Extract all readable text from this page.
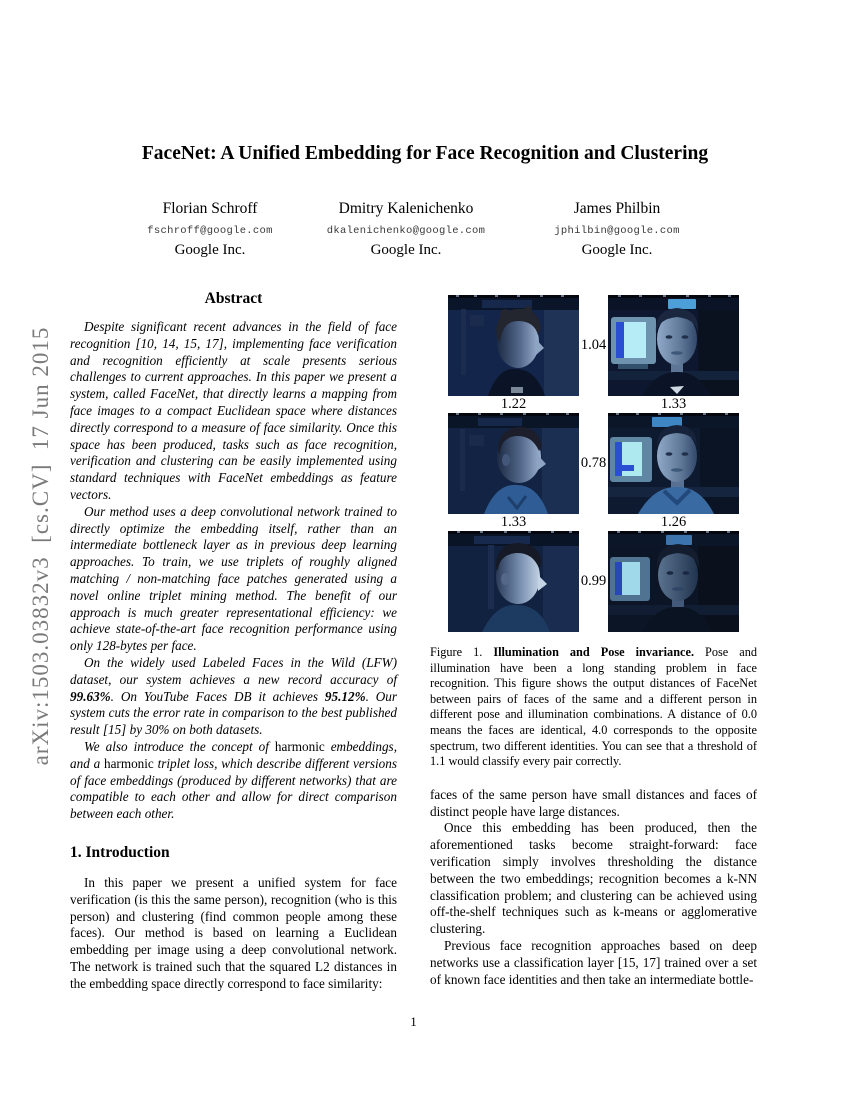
arXiv:1503.03832v3  [cs.CV]  17 Jun 2015
FaceNet: A Unified Embedding for Face Recognition and Clustering
Florian Schroff
fschroff@google.com
Google Inc.
Dmitry Kalenichenko
dkalenichenko@google.com
Google Inc.
James Philbin
jphilbin@google.com
Google Inc.
Abstract

Despite significant recent advances in the field of face recognition [10, 14, 15, 17], implementing face verification and recognition efficiently at scale presents serious challenges to current approaches. In this paper we present a system, called FaceNet, that directly learns a mapping from face images to a compact Euclidean space where distances directly correspond to a measure of face similarity. Once this space has been produced, tasks such as face recognition, verification and clustering can be easily implemented using standard techniques with FaceNet embeddings as feature vectors.

Our method uses a deep convolutional network trained to directly optimize the embedding itself, rather than an intermediate bottleneck layer as in previous deep learning approaches. To train, we use triplets of roughly aligned matching / non-matching face patches generated using a novel online triplet mining method. The benefit of our approach is much greater representational efficiency: we achieve state-of-the-art face recognition performance using only 128-bytes per face.

On the widely used Labeled Faces in the Wild (LFW) dataset, our system achieves a new record accuracy of 99.63%. On YouTube Faces DB it achieves 95.12%. Our system cuts the error rate in comparison to the best published result [15] by 30% on both datasets.

We also introduce the concept of harmonic embeddings, and a harmonic triplet loss, which describe different versions of face embeddings (produced by different networks) that are compatible to each other and allow for direct comparison between each other.

1. Introduction

In this paper we present a unified system for face verification (is this the same person), recognition (who is this person) and clustering (find common people among these faces). Our method is based on learning a Euclidean embedding per image using a deep convolutional network. The network is trained such that the squared L2 distances in the embedding space directly correspond to face similarity:

1.04
1.22	1.33
0.78
1.33	1.26
0.99
Figure 1. Illumination and Pose invariance. Pose and illumination have been a long standing problem in face recognition. This figure shows the output distances of FaceNet between pairs of faces of the same and a different person in different pose and illumination combinations. A distance of 0.0 means the faces are identical, 4.0 corresponds to the opposite spectrum, two different identities. You can see that a threshold of 1.1 would classify every pair correctly.

faces of the same person have small distances and faces of distinct people have large distances.

Once this embedding has been produced, then the aforementioned tasks become straight-forward: face verification simply involves thresholding the distance between the two embeddings; recognition becomes a k-NN classification problem; and clustering can be achieved using off-the-shelf techniques such as k-means or agglomerative clustering.

Previous face recognition approaches based on deep networks use a classification layer [15, 17] trained over a set of known face identities and then take an intermediate bottle-

1
